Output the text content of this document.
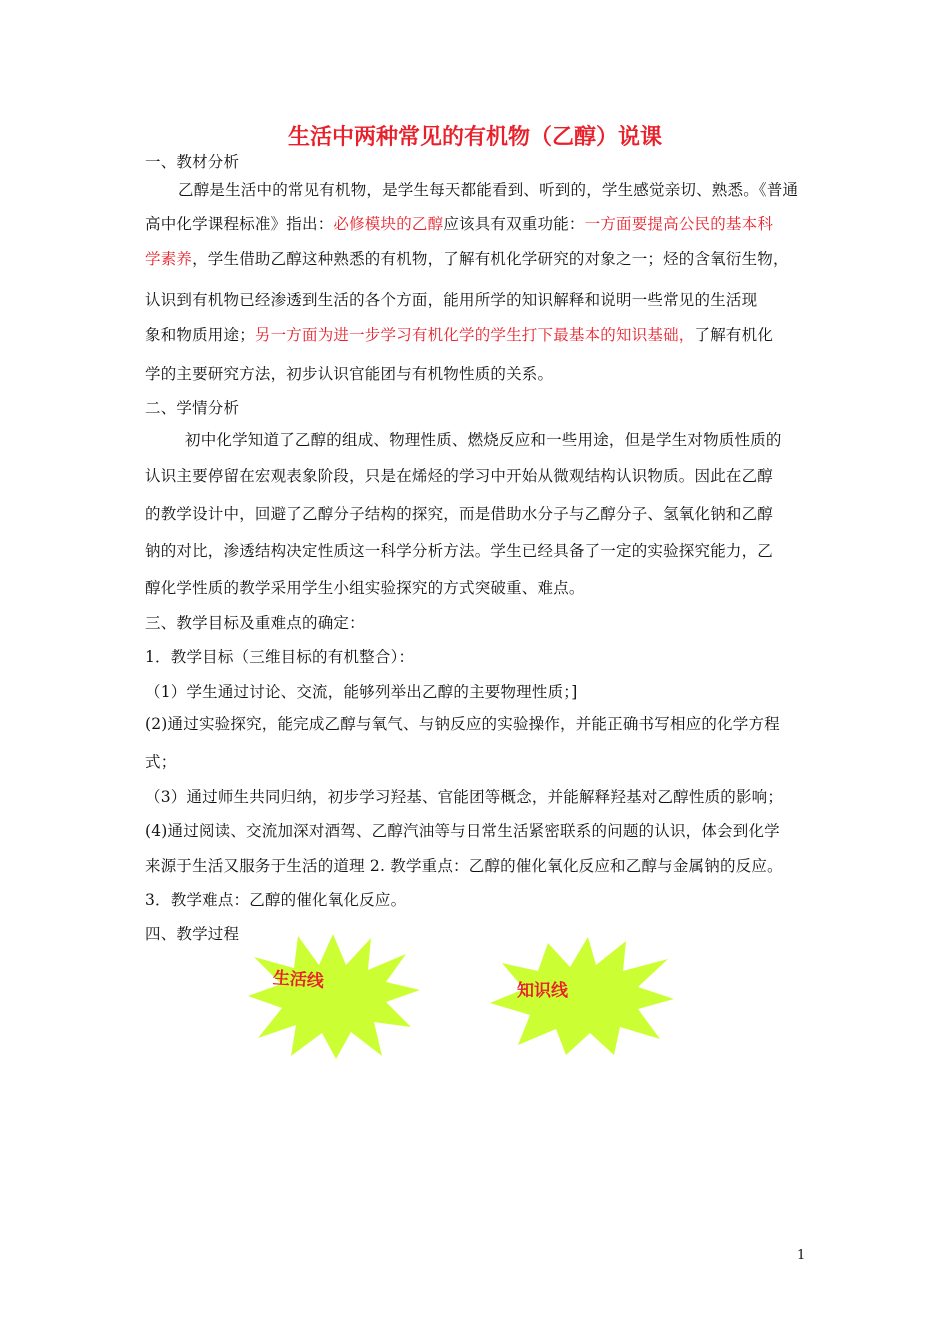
生活中两种常见的有机物（乙醇）说课
一、教材分析
乙醇是生活中的常见有机物，是学生每天都能看到、听到的，学生感觉亲切、熟悉。《普通
高中化学课程标准》指出：必修模块的乙醇应该具有双重功能：一方面要提高公民的基本科
学素养，学生借助乙醇这种熟悉的有机物，了解有机化学研究的对象之一；烃的含氧衍生物，
认识到有机物已经渗透到生活的各个方面，能用所学的知识解释和说明一些常见的生活现
象和物质用途；另一方面为进一步学习有机化学的学生打下最基本的知识基础，了解有机化
学的主要研究方法，初步认识官能团与有机物性质的关系。
二、学情分析
初中化学知道了乙醇的组成、物理性质、燃烧反应和一些用途，但是学生对物质性质的
认识主要停留在宏观表象阶段，只是在烯烃的学习中开始从微观结构认识物质。因此在乙醇
的教学设计中，回避了乙醇分子结构的探究，而是借助水分子与乙醇分子、氢氧化钠和乙醇
钠的对比，渗透结构决定性质这一科学分析方法。学生已经具备了一定的实验探究能力，乙
醇化学性质的教学采用学生小组实验探究的方式突破重、难点。
三、教学目标及重难点的确定：
1．教学目标（三维目标的有机整合）：
（1）学生通过讨论、交流，能够列举出乙醇的主要物理性质；]
(2)通过实验探究，能完成乙醇与氧气、与钠反应的实验操作，并能正确书写相应的化学方程
式；
（3）通过师生共同归纳，初步学习羟基、官能团等概念，并能解释羟基对乙醇性质的影响；
(4)通过阅读、交流加深对酒驾、乙醇汽油等与日常生活紧密联系的问题的认识，体会到化学
来源于生活又服务于生活的道理 2. 教学重点：乙醇的催化氧化反应和乙醇与金属钠的反应。
3．教学难点：乙醇的催化氧化反应。
四、教学过程
生活线	知识线
1
